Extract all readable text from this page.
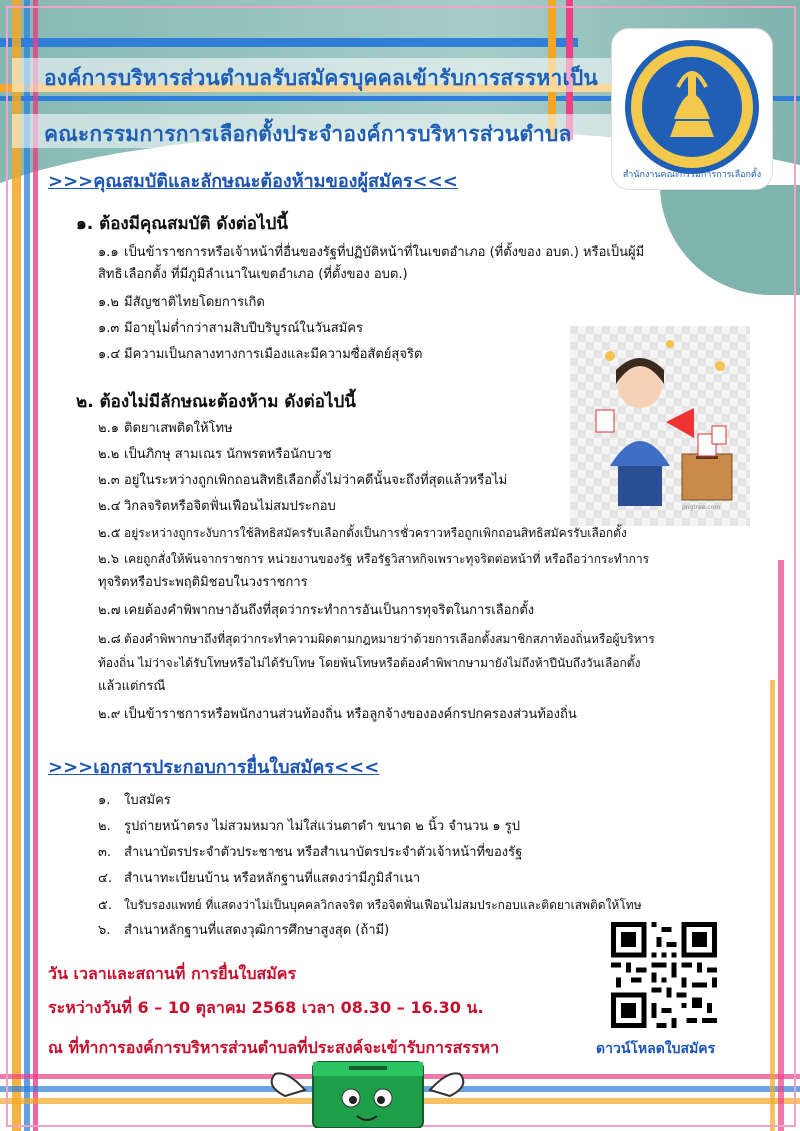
องค์การบริหารส่วนตำบลรับสมัครบุคคลเข้ารับการสรรหาเป็น
คณะกรรมการการเลือกตั้งประจำองค์การบริหารส่วนตำบล
สำนักงานคณะกรรมการการเลือกตั้ง
>>>คุณสมบัติและลักษณะต้องห้ามของผู้สมัคร<<<
๑. ต้องมีคุณสมบัติ ดังต่อไปนี้
๑.๑ เป็นข้าราชการหรือเจ้าหน้าที่อื่นของรัฐที่ปฏิบัติหน้าที่ในเขตอำเภอ (ที่ตั้งของ อบต.) หรือเป็นผู้มีสิทธิ เลือกตั้ง ที่มีภูมิลำเนาในเขตอำเภอ (ที่ตั้งของ อบต.)
๑.๒ มีสัญชาติไทยโดยการเกิด
๑.๓ มีอายุไม่ต่ำกว่าสามสิบปีบริบูรณ์ในวันสมัคร
๑.๔ มีความเป็นกลางทางการเมืองและมีความซื่อสัตย์สุจริต
pngtree.com
๒. ต้องไม่มีลักษณะต้องห้าม ดังต่อไปนี้
๒.๑ ติดยาเสพติดให้โทษ
๒.๒ เป็นภิกษุ สามเณร นักพรตหรือนักบวช
๒.๓ อยู่ในระหว่างถูกเพิกถอนสิทธิเลือกตั้งไม่ว่าคดีนั้นจะถึงที่สุดแล้วหรือไม่
๒.๔ วิกลจริตหรือจิตฟั่นเฟือนไม่สมประกอบ
๒.๕ อยู่ระหว่างถูกระงับการใช้สิทธิสมัครรับเลือกตั้งเป็นการชั่วคราวหรือถูกเพิกถอนสิทธิสมัครรับเลือกตั้ง
๒.๖ เคยถูกสั่งให้พ้นจากราชการ หน่วยงานของรัฐ หรือรัฐวิสาหกิจเพราะทุจริตต่อหน้าที่ หรือถือว่ากระทำการ
ทุจริตหรือประพฤติมิชอบในวงราชการ
๒.๗ เคยต้องคำพิพากษาอันถึงที่สุดว่ากระทำการอันเป็นการทุจริตในการเลือกตั้ง
๒.๘ ต้องคำพิพากษาถึงที่สุดว่ากระทำความผิดตามกฎหมายว่าด้วยการเลือกตั้งสมาชิกสภาท้องถิ่นหรือผู้บริหาร
ท้องถิ่น ไม่ว่าจะได้รับโทษหรือไม่ได้รับโทษ โดยพ้นโทษหรือต้องคำพิพากษามายังไม่ถึงห้าปีนับถึงวันเลือกตั้ง
แล้วแต่กรณี
๒.๙ เป็นข้าราชการหรือพนักงานส่วนท้องถิ่น หรือลูกจ้างขององค์กรปกครองส่วนท้องถิ่น
>>>เอกสารประกอบการยื่นใบสมัคร<<<
๑. ใบสมัคร
๒. รูปถ่ายหน้าตรง ไม่สวมหมวก ไม่ใส่แว่นตาดำ ขนาด ๒ นิ้ว จำนวน ๑ รูป
๓. สำเนาบัตรประจำตัวประชาชน หรือสำเนาบัตรประจำตัวเจ้าหน้าที่ของรัฐ
๔. สำเนาทะเบียนบ้าน หรือหลักฐานที่แสดงว่ามีภูมิลำเนา
๕. ใบรับรองแพทย์ ที่แสดงว่าไม่เป็นบุคคลวิกลจริต หรือจิตฟั่นเฟือนไม่สมประกอบและติดยาเสพติดให้โทษ
๖. สำเนาหลักฐานที่แสดงวุฒิการศึกษาสูงสุด (ถ้ามี)
วัน เวลาและสถานที่ การยื่นใบสมัคร
ระหว่างวันที่ 6 – 10 ตุลาคม 2568 เวลา 08.30 – 16.30 น.
ณ ที่ทำการองค์การบริหารส่วนตำบลที่ประสงค์จะเข้ารับการสรรหา	ดาวน์โหลดใบสมัคร
